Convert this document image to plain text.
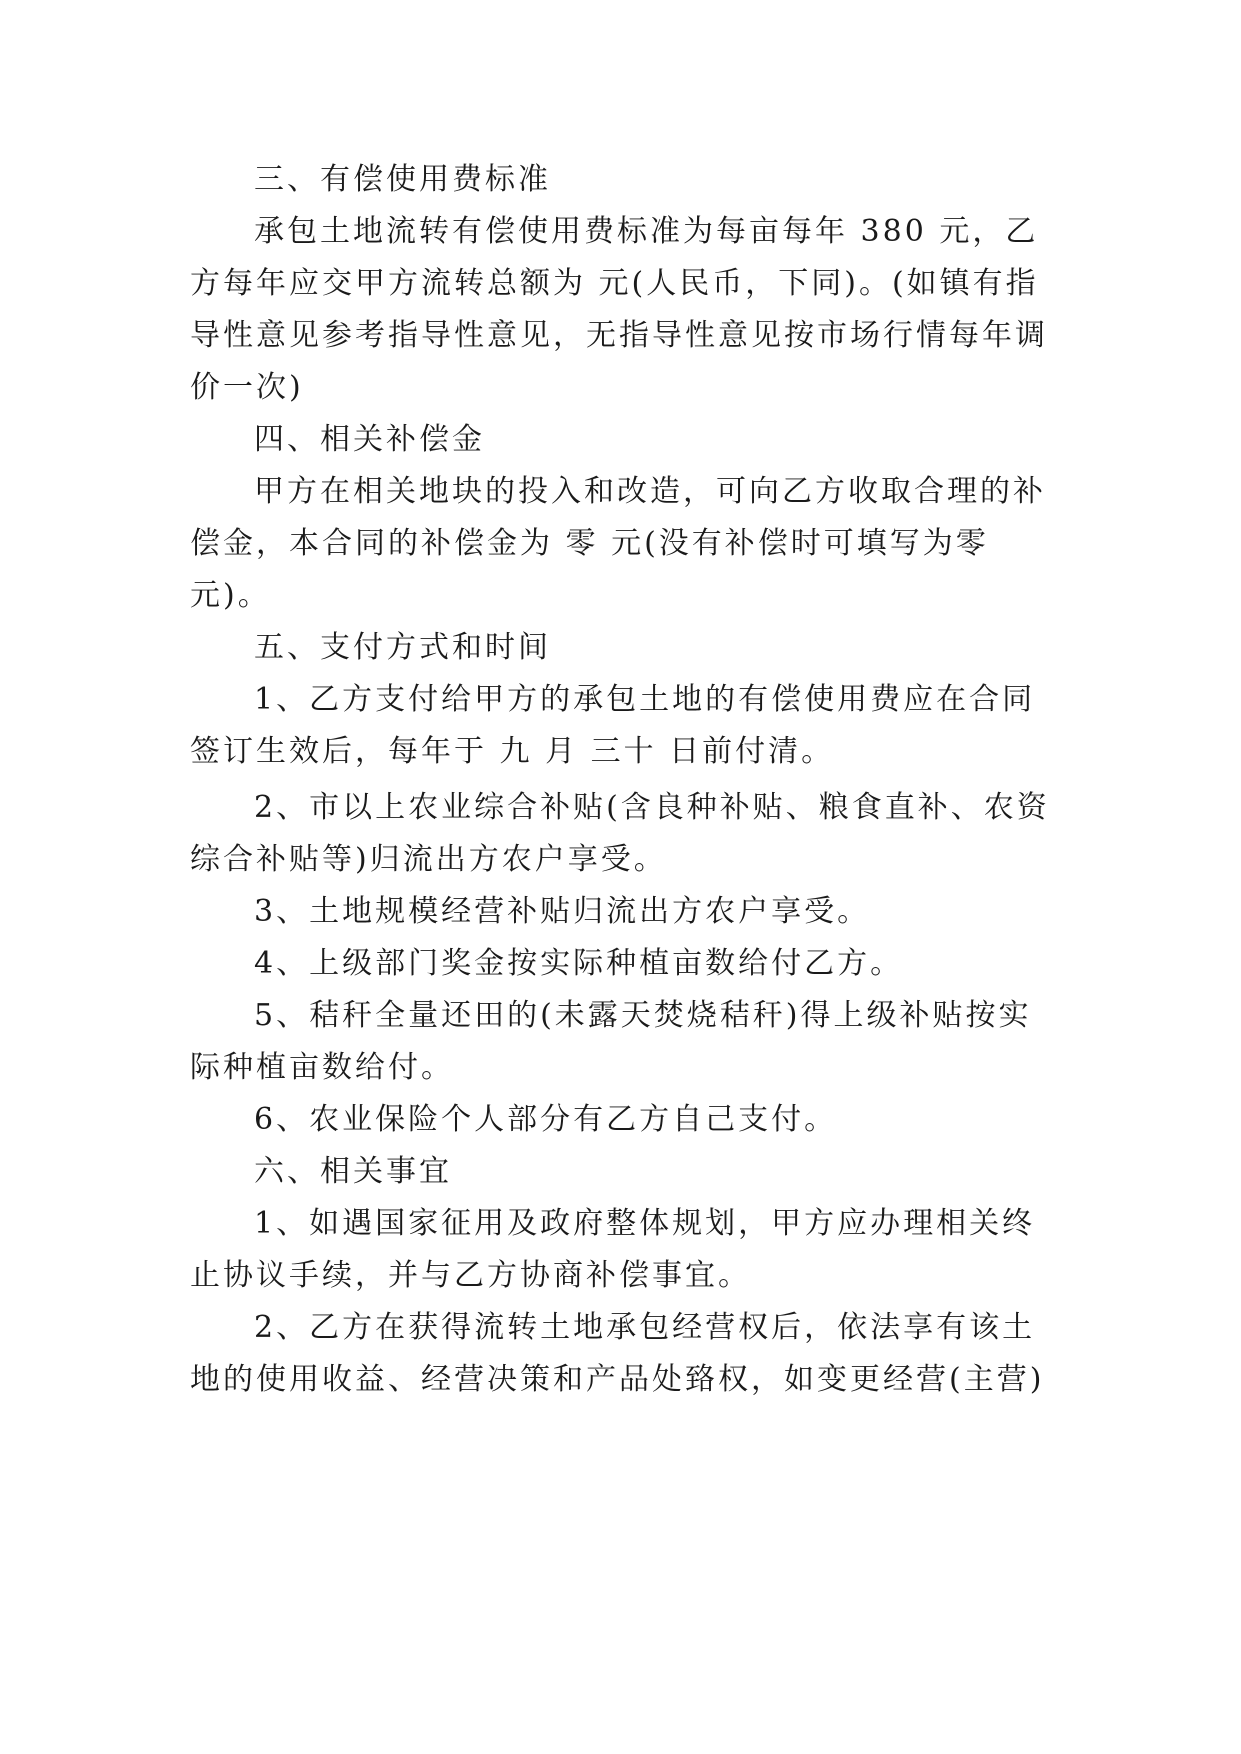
三、有偿使用费标准
承包土地流转有偿使用费标准为每亩每年 380 元，乙
方每年应交甲方流转总额为 元(人民币，下同)。(如镇有指
导性意见参考指导性意见，无指导性意见按市场行情每年调
价一次)
四、相关补偿金
甲方在相关地块的投入和改造，可向乙方收取合理的补
偿金，本合同的补偿金为 零 元(没有补偿时可填写为零
元)。
五、支付方式和时间
1、乙方支付给甲方的承包土地的有偿使用费应在合同
签订生效后，每年于 九 月 三十 日前付清。
2、市以上农业综合补贴(含良种补贴、粮食直补、农资
综合补贴等)归流出方农户享受。
3、土地规模经营补贴归流出方农户享受。
4、上级部门奖金按实际种植亩数给付乙方。
5、秸秆全量还田的(未露天焚烧秸秆)得上级补贴按实
际种植亩数给付。
6、农业保险个人部分有乙方自己支付。
六、相关事宜
1、如遇国家征用及政府整体规划，甲方应办理相关终
止协议手续，并与乙方协商补偿事宜。
2、乙方在获得流转土地承包经营权后，依法享有该土
地的使用收益、经营决策和产品处臵权，如变更经营(主营)
